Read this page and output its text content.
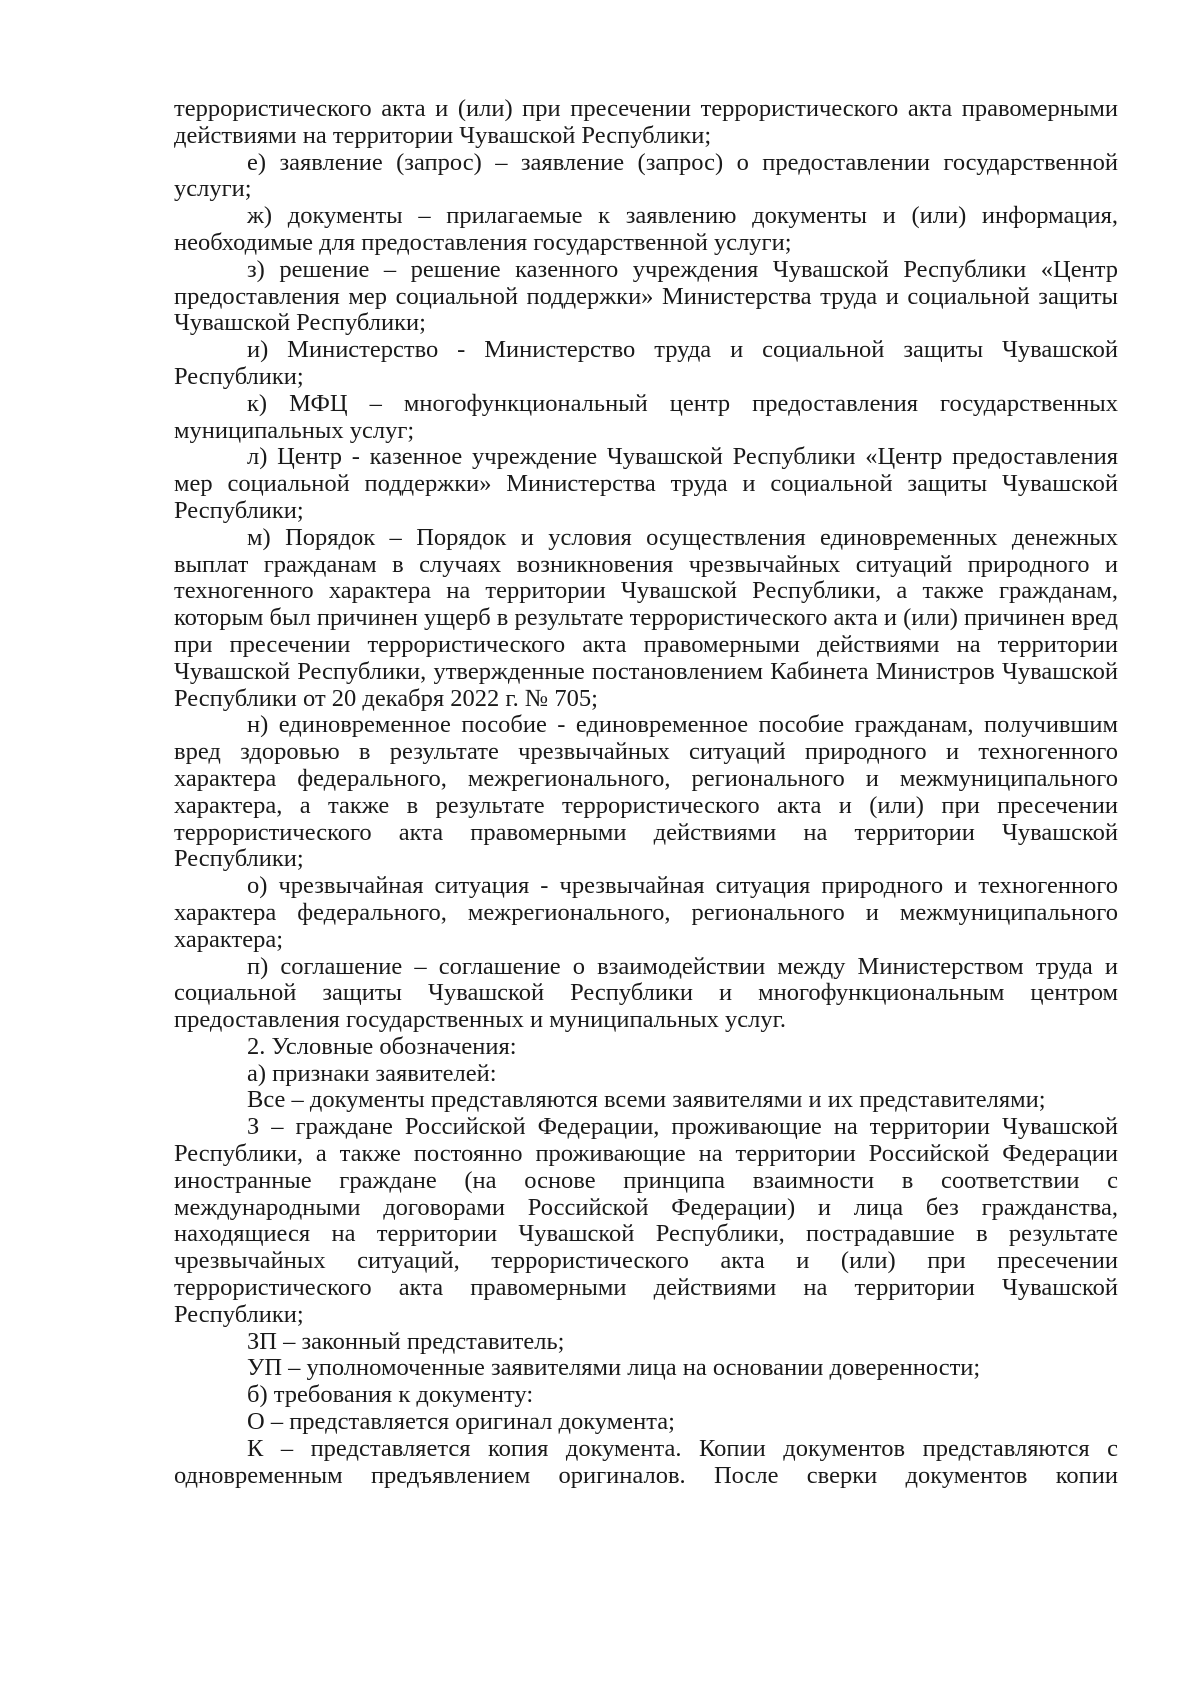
террористического акта и (или) при пресечении террористического акта правомерными действиями на территории Чувашской Республики;

е) заявление (запрос) – заявление (запрос) о предоставлении государственной услуги;

ж) документы – прилагаемые к заявлению документы и (или) информация, необходимые для предоставления государственной услуги;

з) решение – решение казенного учреждения Чувашской Республики «Центр предоставления мер социальной поддержки» Министерства труда и социальной защиты Чувашской Республики;

и) Министерство - Министерство труда и социальной защиты Чувашской Республики;

к) МФЦ – многофункциональный центр предоставления государственных муниципальных услуг;

л) Центр - казенное учреждение Чувашской Республики «Центр предоставления мер социальной поддержки» Министерства труда и социальной защиты Чувашской Республики;

м) Порядок – Порядок и условия осуществления единовременных денежных выплат гражданам в случаях возникновения чрезвычайных ситуаций природного и техногенного характера на территории Чувашской Республики, а также гражданам, которым был причинен ущерб в результате террористического акта и (или) причинен вред при пресечении террористического акта правомерными действиями на территории Чувашской Республики, утвержденные постановлением Кабинета Министров Чувашской Республики от 20 декабря 2022 г. № 705;

н) единовременное пособие - единовременное пособие гражданам, получившим вред здоровью в результате чрезвычайных ситуаций природного и техногенного характера федерального, межрегионального, регионального и межмуниципального характера, а также в результате террористического акта и (или) при пресечении террористического акта правомерными действиями на территории Чувашской Республики;

о) чрезвычайная ситуация - чрезвычайная ситуация природного и техногенного характера федерального, межрегионального, регионального и межмуниципального характера;

п) соглашение – соглашение о взаимодействии между Министерством труда и социальной защиты Чувашской Республики и многофункциональным центром предоставления государственных и муниципальных услуг.

2. Условные обозначения:

а) признаки заявителей:

Все – документы представляются всеми заявителями и их представителями;

З – граждане Российской Федерации, проживающие на территории Чувашской Республики, а также постоянно проживающие на территории Российской Федерации иностранные граждане (на основе принципа взаимности в соответствии с международными договорами Российской Федерации) и лица без гражданства, находящиеся на территории Чувашской Республики, пострадавшие в результате чрезвычайных ситуаций, террористического акта и (или) при пресечении террористического акта правомерными действиями на территории Чувашской Республики;

ЗП – законный представитель;

УП – уполномоченные заявителями лица на основании доверенности;

б) требования к документу:

О – представляется оригинал документа;

К – представляется копия документа. Копии документов представляются с одновременным предъявлением оригиналов. После сверки документов копии
